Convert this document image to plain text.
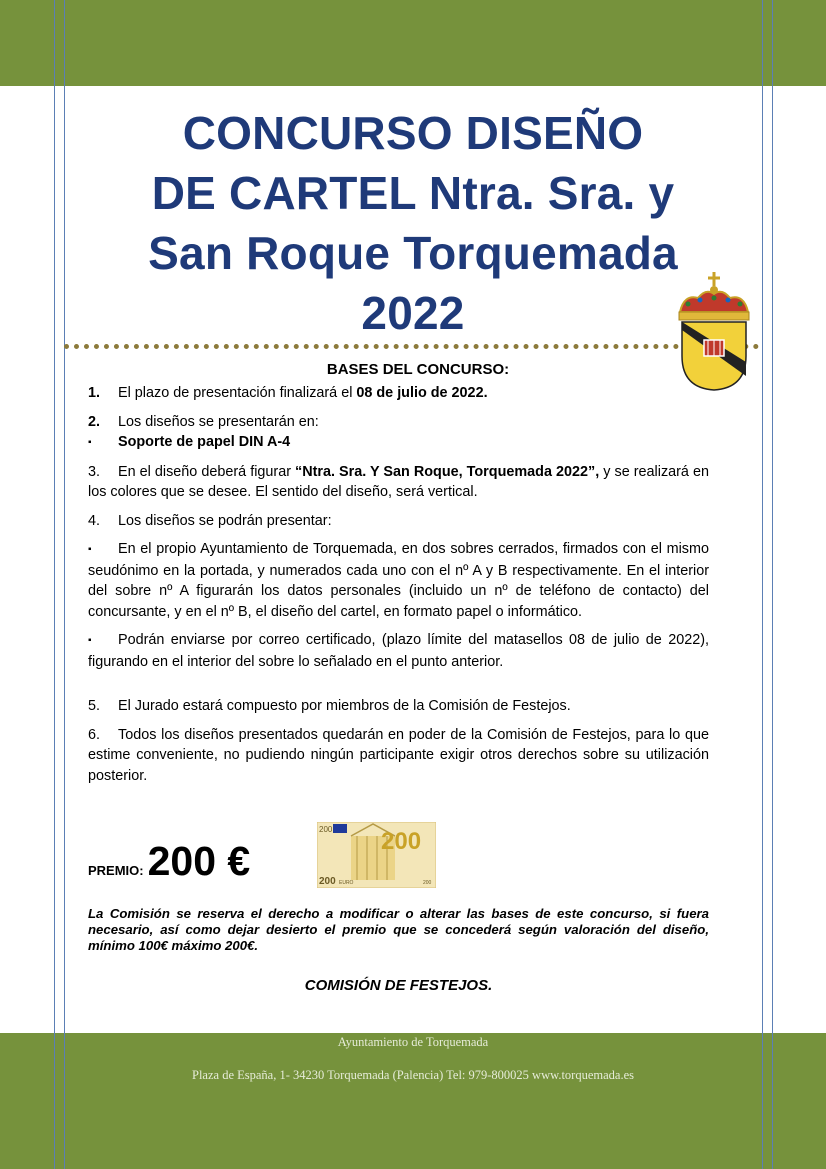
CONCURSO DISEÑO
DE CARTEL Ntra. Sra. y
San Roque Torquemada
2022
BASES DEL CONCURSO:

1. El plazo de presentación finalizará el 08 de julio de 2022.

2. Los diseños se presentarán en:

▪ Soporte de papel DIN A-4

3. En el diseño deberá figurar “Ntra. Sra. Y San Roque, Torquemada 2022”, y se realizará en los colores que se desee. El sentido del diseño, será vertical.

4. Los diseños se podrán presentar:

▪ En el propio Ayuntamiento de Torquemada, en dos sobres cerrados, firmados con el mismo seudónimo en la portada, y numerados cada uno con el nº A y B respectivamente. En el interior del sobre nº A figurarán los datos personales (incluido un nº de teléfono de contacto) del concursante, y en el nº B, el diseño del cartel, en formato papel o informático.

▪ Podrán enviarse por correo certificado, (plazo límite del matasellos 08 de julio de 2022), figurando en el interior del sobre lo señalado en el punto anterior.

5. El Jurado estará compuesto por miembros de la Comisión de Festejos.

6. Todos los diseños presentados quedarán en poder de la Comisión de Festejos, para lo que estime conveniente, no pudiendo ningún participante exigir otros derechos sobre su utilización posterior.

PREMIO:200 €
200 200
200 EURO	200
La Comisión se reserva el derecho a modificar o alterar las bases de este concurso, si fuera necesario, así como dejar desierto el premio que se concederá según valoración del diseño, mínimo 100€ máximo 200€.
COMISIÓN DE FESTEJOS.
Ayuntamiento de Torquemada
Plaza de España, 1- 34230 Torquemada (Palencia) Tel: 979-800025 www.torquemada.es
